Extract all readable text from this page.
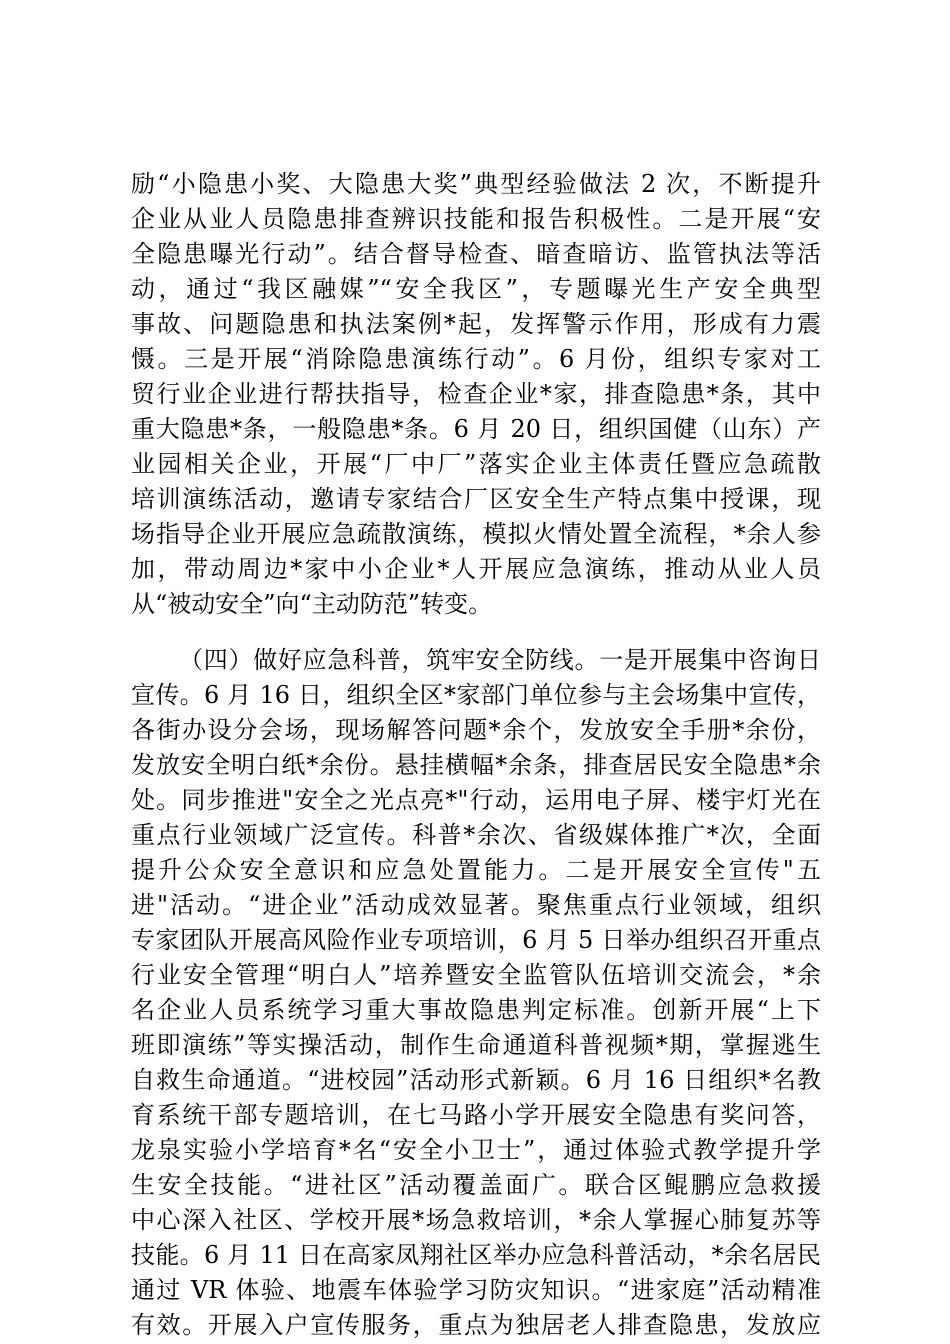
励“小隐患小奖、大隐患大奖”典型经验做法 2 次，不断提升
企业从业人员隐患排查辨识技能和报告积极性。二是开展“安
全隐患曝光行动”。结合督导检查、暗查暗访、监管执法等活
动，通过“我区融媒”“安全我区”，专题曝光生产安全典型
事故、问题隐患和执法案例*起，发挥警示作用，形成有力震
慑。三是开展“消除隐患演练行动”。6 月份，组织专家对工
贸行业企业进行帮扶指导，检查企业*家，排查隐患*条，其中
重大隐患*条，一般隐患*条。6 月 20 日，组织国健（山东）产
业园相关企业，开展“厂中厂”落实企业主体责任暨应急疏散
培训演练活动，邀请专家结合厂区安全生产特点集中授课，现
场指导企业开展应急疏散演练，模拟火情处置全流程，*余人参
加，带动周边*家中小企业*人开展应急演练，推动从业人员
从“被动安全”向“主动防范”转变。
（四）做好应急科普，筑牢安全防线。一是开展集中咨询日
宣传。6 月 16 日，组织全区*家部门单位参与主会场集中宣传，
各街办设分会场，现场解答问题*余个，发放安全手册*余份，
发放安全明白纸*余份。悬挂横幅*余条，排查居民安全隐患*余
处。同步推进"安全之光点亮*"行动，运用电子屏、楼宇灯光在
重点行业领域广泛宣传。科普*余次、省级媒体推广*次，全面
提升公众安全意识和应急处置能力。二是开展安全宣传"五
进"活动。“进企业”活动成效显著。聚焦重点行业领域，组织
专家团队开展高风险作业专项培训，6 月 5 日举办组织召开重点
行业安全管理“明白人”培养暨安全监管队伍培训交流会，*余
名企业人员系统学习重大事故隐患判定标准。创新开展“上下
班即演练”等实操活动，制作生命通道科普视频*期，掌握逃生
自救生命通道。“进校园”活动形式新颖。6 月 16 日组织*名教
育系统干部专题培训，在七马路小学开展安全隐患有奖问答，
龙泉实验小学培育*名“安全小卫士”，通过体验式教学提升学
生安全技能。“进社区”活动覆盖面广。联合区鲲鹏应急救援
中心深入社区、学校开展*场急救培训，*余人掌握心肺复苏等
技能。6 月 11 日在高家凤翔社区举办应急科普活动，*余名居民
通过 VR 体验、地震车体验学习防灾知识。“进家庭”活动精准
有效。开展入户宣传服务，重点为独居老人排查隐患，发放应
